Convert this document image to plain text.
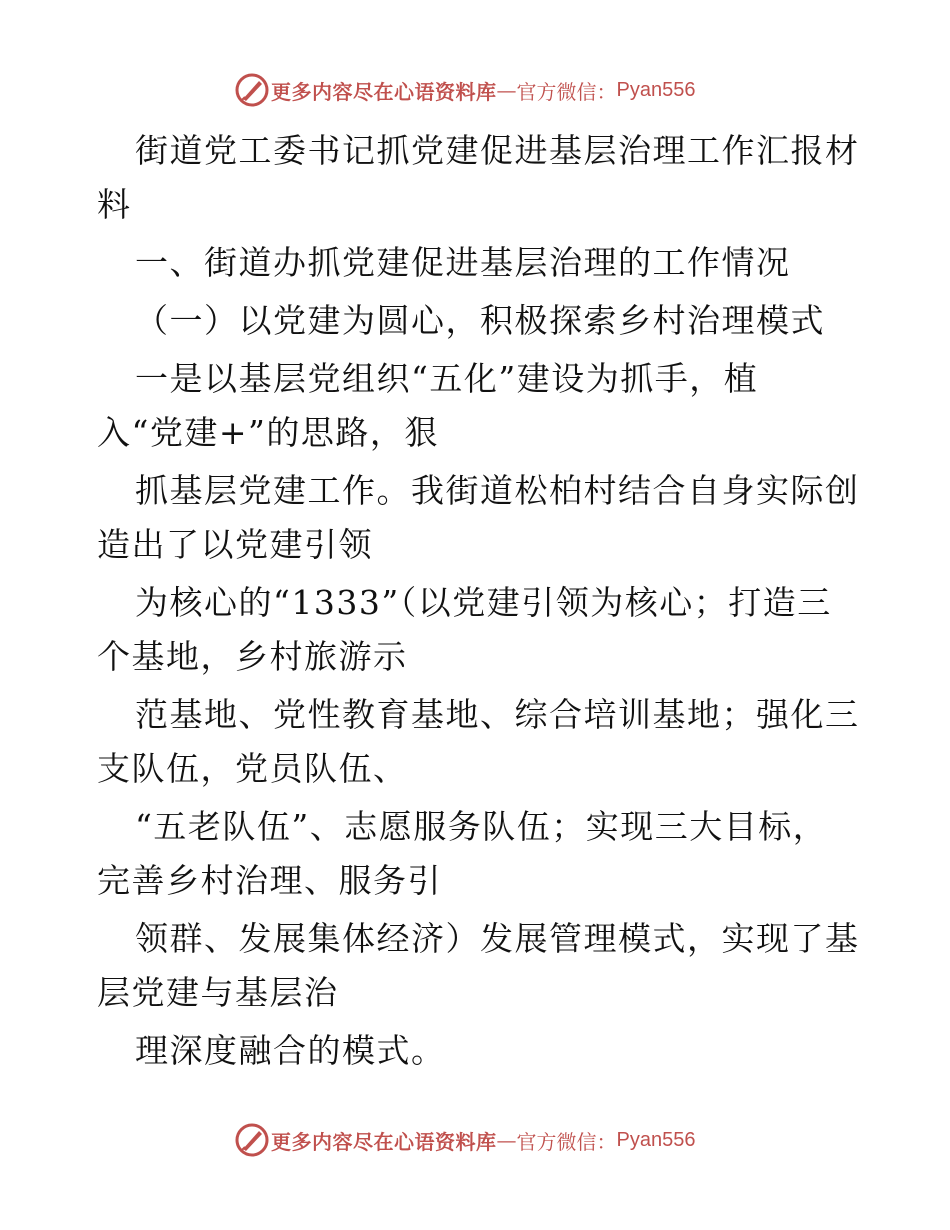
更多内容尽在心语资料库 — 官方微信： Pyan556

街道党工委书记抓党建促进基层治理工作汇报材

料

一、街道办抓党建促进基层治理的工作情况

（一）以党建为圆心，积极探索乡村治理模式

一是以基层党组织“五化”建设为抓手，植

入“党建+”的思路，狠

抓基层党建工作。我街道松柏村结合自身实际创

造出了以党建引领

为核心的“1333”（以党建引领为核心；打造三

个基地，乡村旅游示

范基地、党性教育基地、综合培训基地；强化三

支队伍，党员队伍、

“五老队伍”、志愿服务队伍；实现三大目标，

完善乡村治理、服务引

领群、发展集体经济）发展管理模式，实现了基

层党建与基层治

理深度融合的模式。

更多内容尽在心语资料库 — 官方微信： Pyan556
